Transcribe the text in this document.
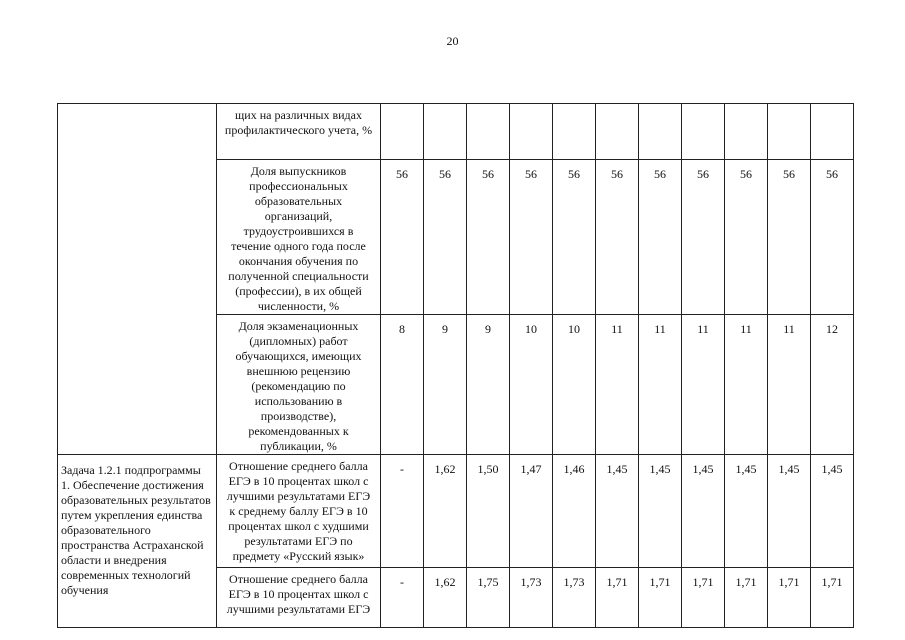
20

	щих на различных видах профилактического учета, %											

	Доля выпускников профессиональных образовательных организаций, трудоустроившихся в течение одного года после окончания обучения по полученной специальности (профессии), в их общей численности, %	56	56	56	56	56	56	56	56	56	56	56

	Доля экзаменационных (дипломных) работ обучающихся, имеющих внешнюю рецензию (рекомендацию по использованию в производстве), рекомендованных к публикации, %	8	9	9	10	10	11	11	11	11	11	12

Задача 1.2.1 подпрограммы 1. Обеспечение достижения образовательных результатов путем укрепления единства образовательного пространства Астраханской области и внедрения современных технологий обучения	Отношение среднего балла ЕГЭ в 10 процентах школ с лучшими результатами ЕГЭ к среднему баллу ЕГЭ в 10 процентах школ с худшими результатами ЕГЭ по предмету «Русский язык»	-	1,62	1,50	1,47	1,46	1,45	1,45	1,45	1,45	1,45	1,45

	Отношение среднего балла ЕГЭ в 10 процентах школ с лучшими результатами ЕГЭ	-	1,62	1,75	1,73	1,73	1,71	1,71	1,71	1,71	1,71	1,71
